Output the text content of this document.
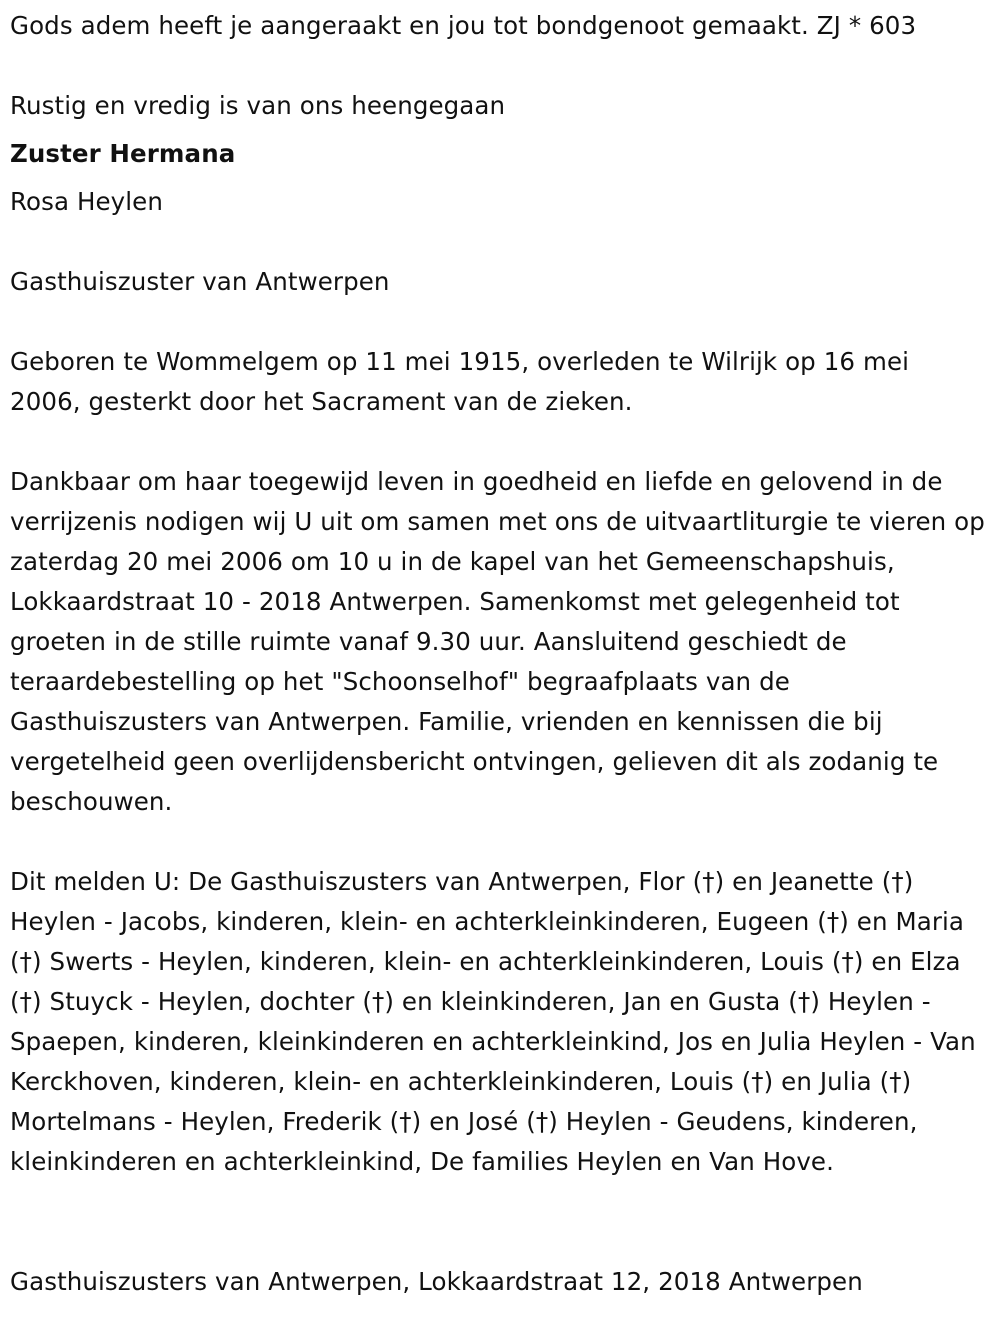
Gods adem heeft je aangeraakt en jou tot bondgenoot gemaakt. ZJ * 603
Rustig en vredig is van ons heengegaan
Zuster Hermana
Rosa Heylen
Gasthuiszuster van Antwerpen
Geboren te Wommelgem op 11 mei 1915, overleden te Wilrijk op 16 mei 2006, gesterkt door het Sacrament van de zieken.
Dankbaar om haar toegewijd leven in goedheid en liefde en gelovend in de verrijzenis nodigen wij U uit om samen met ons de uitvaartliturgie te vieren op zaterdag 20 mei 2006 om 10 u in de kapel van het Gemeenschapshuis, Lokkaardstraat 10 - 2018 Antwerpen. Samenkomst met gelegenheid tot groeten in de stille ruimte vanaf 9.30 uur. Aansluitend geschiedt de teraardebestelling op het "Schoonselhof" begraafplaats van de Gasthuiszusters van Antwerpen. Familie, vrienden en kennissen die bij vergetelheid geen overlijdensbericht ontvingen, gelieven dit als zodanig te beschouwen.
Dit melden U: De Gasthuiszusters van Antwerpen, Flor (†) en Jeanette (†) Heylen - Jacobs, kinderen, klein- en achterkleinkinderen, Eugeen (†) en Maria (†) Swerts - Heylen, kinderen, klein- en achterkleinkinderen, Louis (†) en Elza (†) Stuyck - Heylen, dochter (†) en kleinkinderen, Jan en Gusta (†) Heylen - Spaepen, kinderen, kleinkinderen en achterkleinkind, Jos en Julia Heylen - Van Kerckhoven, kinderen, klein- en achterkleinkinderen, Louis (†) en Julia (†) Mortelmans - Heylen, Frederik (†) en José (†) Heylen - Geudens, kinderen, kleinkinderen en achterkleinkind, De families Heylen en Van Hove.
Gasthuiszusters van Antwerpen, Lokkaardstraat 12, 2018 Antwerpen
